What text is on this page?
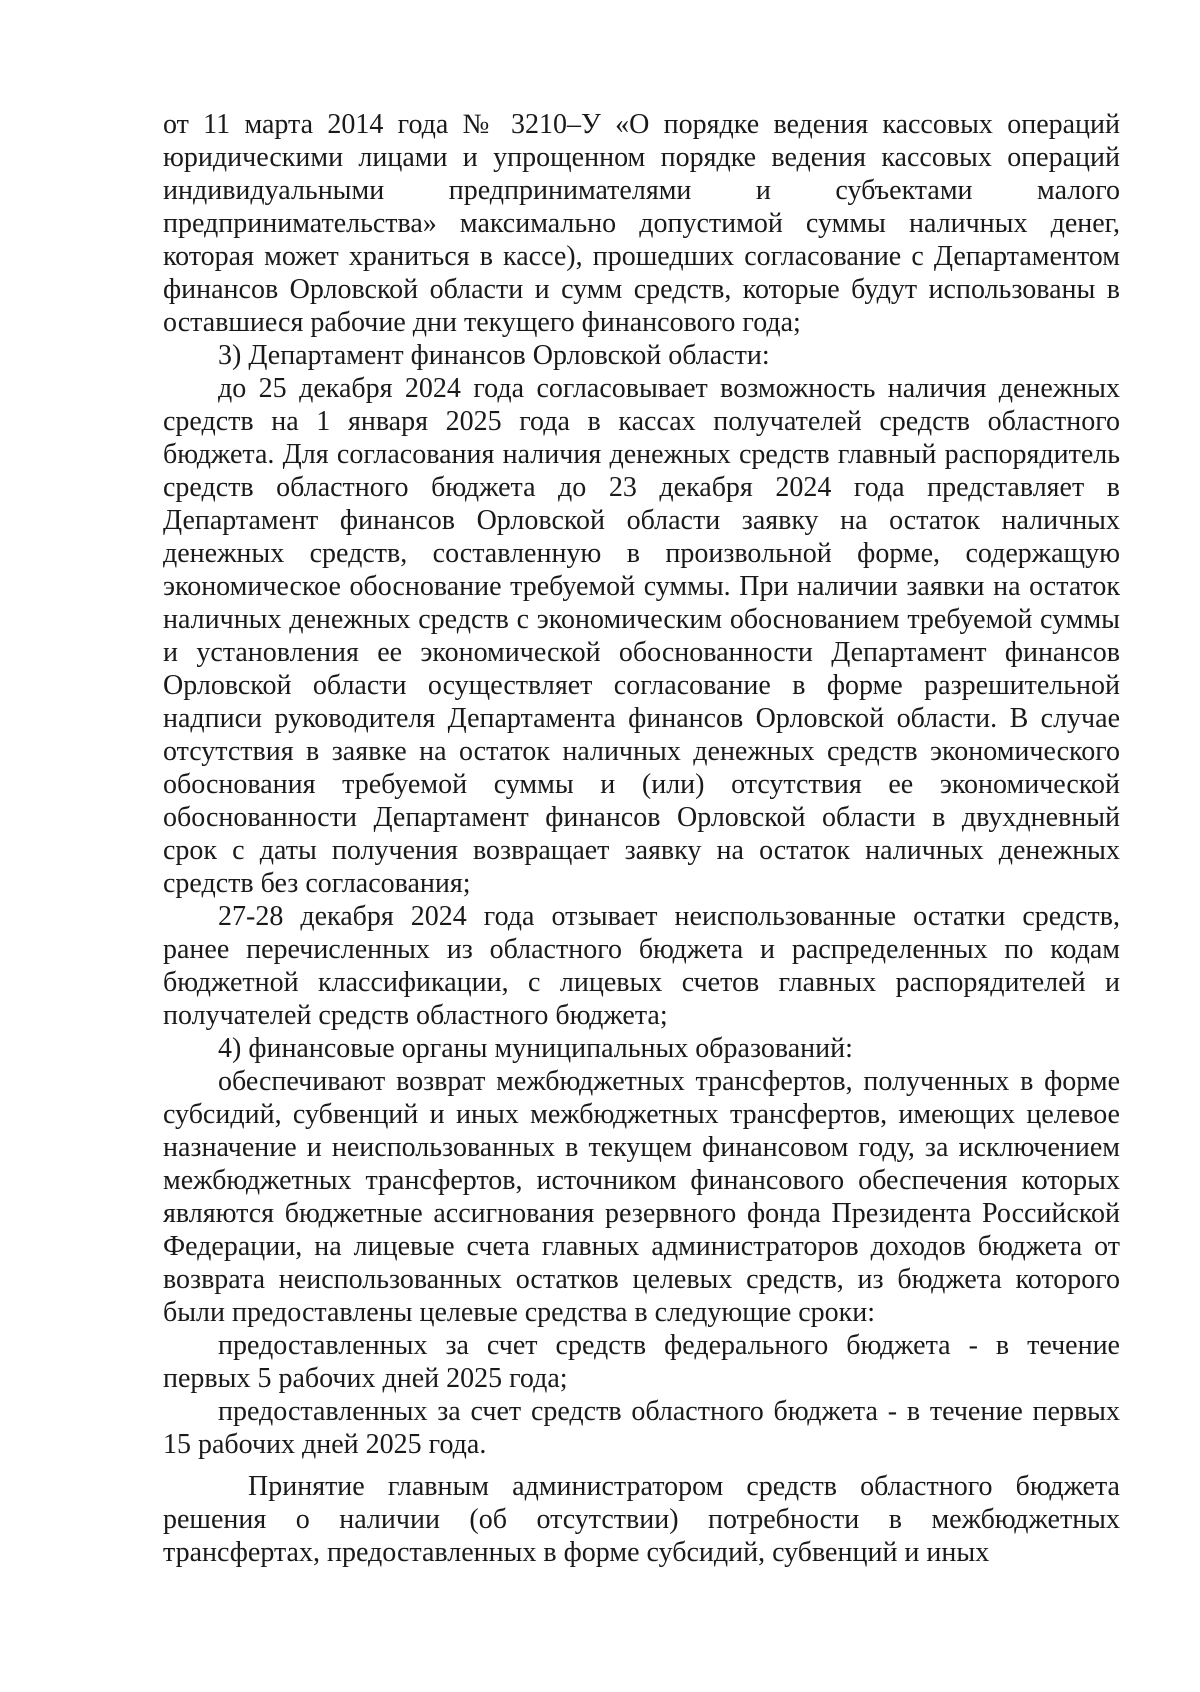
от 11 марта 2014 года № 3210–У «О порядке ведения кассовых операций юридическими лицами и упрощенном порядке ведения кассовых операций индивидуальными предпринимателями и субъектами малого предпринимательства» максимально допустимой суммы наличных денег, которая может храниться в кассе), прошедших согласование с Департаментом финансов Орловской области и сумм средств, которые будут использованы в оставшиеся рабочие дни текущего финансового года;

3) Департамент финансов Орловской области:

до 25 декабря 2024 года согласовывает возможность наличия денежных средств на 1 января 2025 года в кассах получателей средств областного бюджета. Для согласования наличия денежных средств главный распорядитель средств областного бюджета до 23 декабря 2024 года представляет в Департамент финансов Орловской области заявку на остаток наличных денежных средств, составленную в произвольной форме, содержащую экономическое обоснование требуемой суммы. При наличии заявки на остаток наличных денежных средств с экономическим обоснованием требуемой суммы и установления ее экономической обоснованности Департамент финансов Орловской области осуществляет согласование в форме разрешительной надписи руководителя Департамента финансов Орловской области. В случае отсутствия в заявке на остаток наличных денежных средств экономического обоснования требуемой суммы и (или) отсутствия ее экономической обоснованности Департамент финансов Орловской области в двухдневный срок с даты получения возвращает заявку на остаток наличных денежных средств без согласования;

27-28 декабря 2024 года отзывает неиспользованные остатки средств, ранее перечисленных из областного бюджета и распределенных по кодам бюджетной классификации, с лицевых счетов главных распорядителей и получателей средств областного бюджета;

4) финансовые органы муниципальных образований:

обеспечивают возврат межбюджетных трансфертов, полученных в форме субсидий, субвенций и иных межбюджетных трансфертов, имеющих целевое назначение и неиспользованных в текущем финансовом году, за исключением межбюджетных трансфертов, источником финансового обеспечения которых являются бюджетные ассигнования резервного фонда Президента Российской Федерации, на лицевые счета главных администраторов доходов бюджета от возврата неиспользованных остатков целевых средств, из бюджета которого были предоставлены целевые средства в следующие сроки:

предоставленных за счет средств федерального бюджета - в течение первых 5 рабочих дней 2025 года;

предоставленных за счет средств областного бюджета - в течение первых 15 рабочих дней 2025 года.

Принятие главным администратором средств областного бюджета решения о наличии (об отсутствии) потребности в межбюджетных трансфертах, предоставленных в форме субсидий, субвенций и иных
